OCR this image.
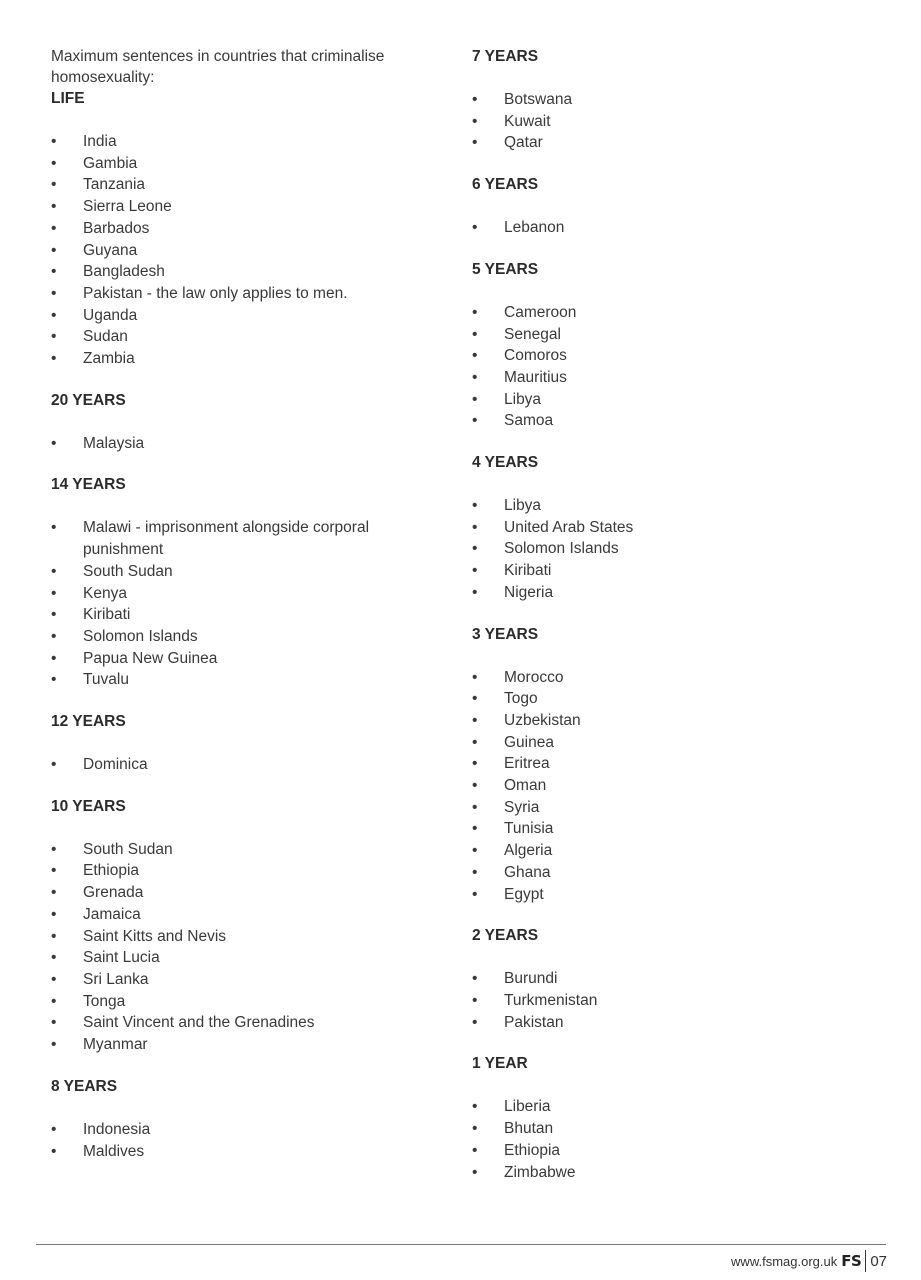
Maximum sentences in countries that criminalise homosexuality:

LIFE
• India
• Gambia
• Tanzania
• Sierra Leone
• Barbados
• Guyana
• Bangladesh
• Pakistan - the law only applies to men.
• Uganda
• Sudan
• Zambia
20 YEARS
• Malaysia
14 YEARS
• Malawi - imprisonment alongside corporal punishment
• South Sudan
• Kenya
• Kiribati
• Solomon Islands
• Papua New Guinea
• Tuvalu
12 YEARS
• Dominica
10 YEARS
• South Sudan
• Ethiopia
• Grenada
• Jamaica
• Saint Kitts and Nevis
• Saint Lucia
• Sri Lanka
• Tonga
• Saint Vincent and the Grenadines
• Myanmar
8 YEARS
• Indonesia
• Maldives
7 YEARS
• Botswana
• Kuwait
• Qatar
6 YEARS
• Lebanon
5 YEARS
• Cameroon
• Senegal
• Comoros
• Mauritius
• Libya
• Samoa
4 YEARS
• Libya
• United Arab States
• Solomon Islands
• Kiribati
• Nigeria
3 YEARS
• Morocco
• Togo
• Uzbekistan
• Guinea
• Eritrea
• Oman
• Syria
• Tunisia
• Algeria
• Ghana
• Egypt
2 YEARS
• Burundi
• Turkmenistan
• Pakistan
1 YEAR
• Liberia
• Bhutan
• Ethiopia
• Zimbabwe
www.fsmag.org.uk FS 07
